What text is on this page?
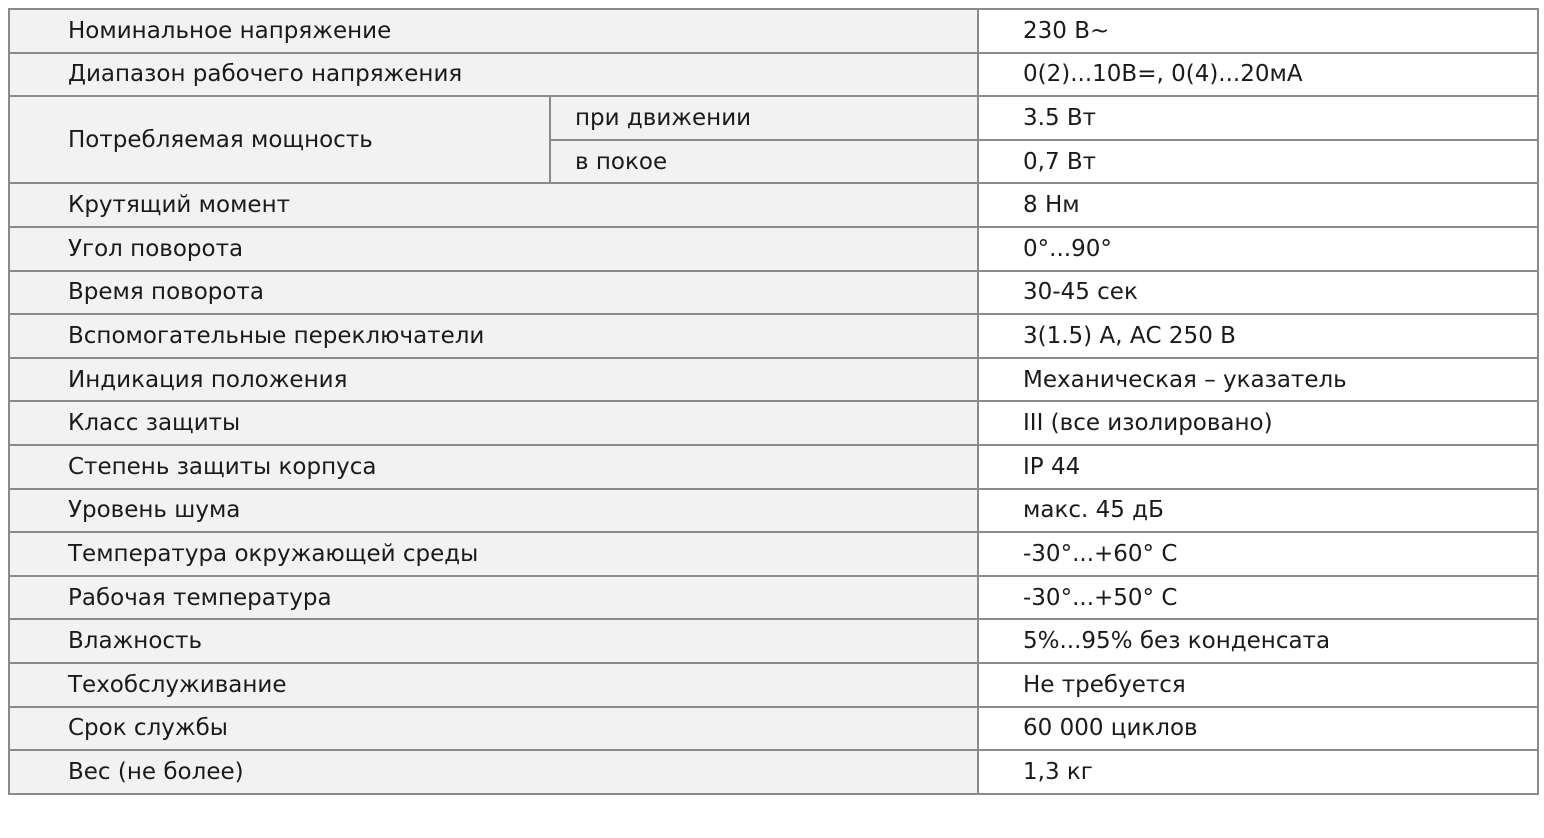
Номинальное напряжение		230 В~
Диапазон рабочего напряжения		0(2)...10В=, 0(4)...20мА
Потребляемая мощность	при движении	3.5 Вт
	в покое	0,7 Вт
Крутящий момент		8 Нм
Угол поворота		0°...90°
Время поворота		30-45 сек
Вспомогательные переключатели		3(1.5) А, АС 250 В
Индикация положения		Механическая – указатель
Класс защиты		III (все изолировано)
Степень защиты корпуса		IP 44
Уровень шума		макс. 45 дБ
Температура окружающей среды		-30°...+60° С
Рабочая температура		-30°...+50° С
Влажность		5%...95% без конденсата
Техобслуживание		Не требуется
Срок службы		60 000 циклов
Вес (не более)		1,3 кг
